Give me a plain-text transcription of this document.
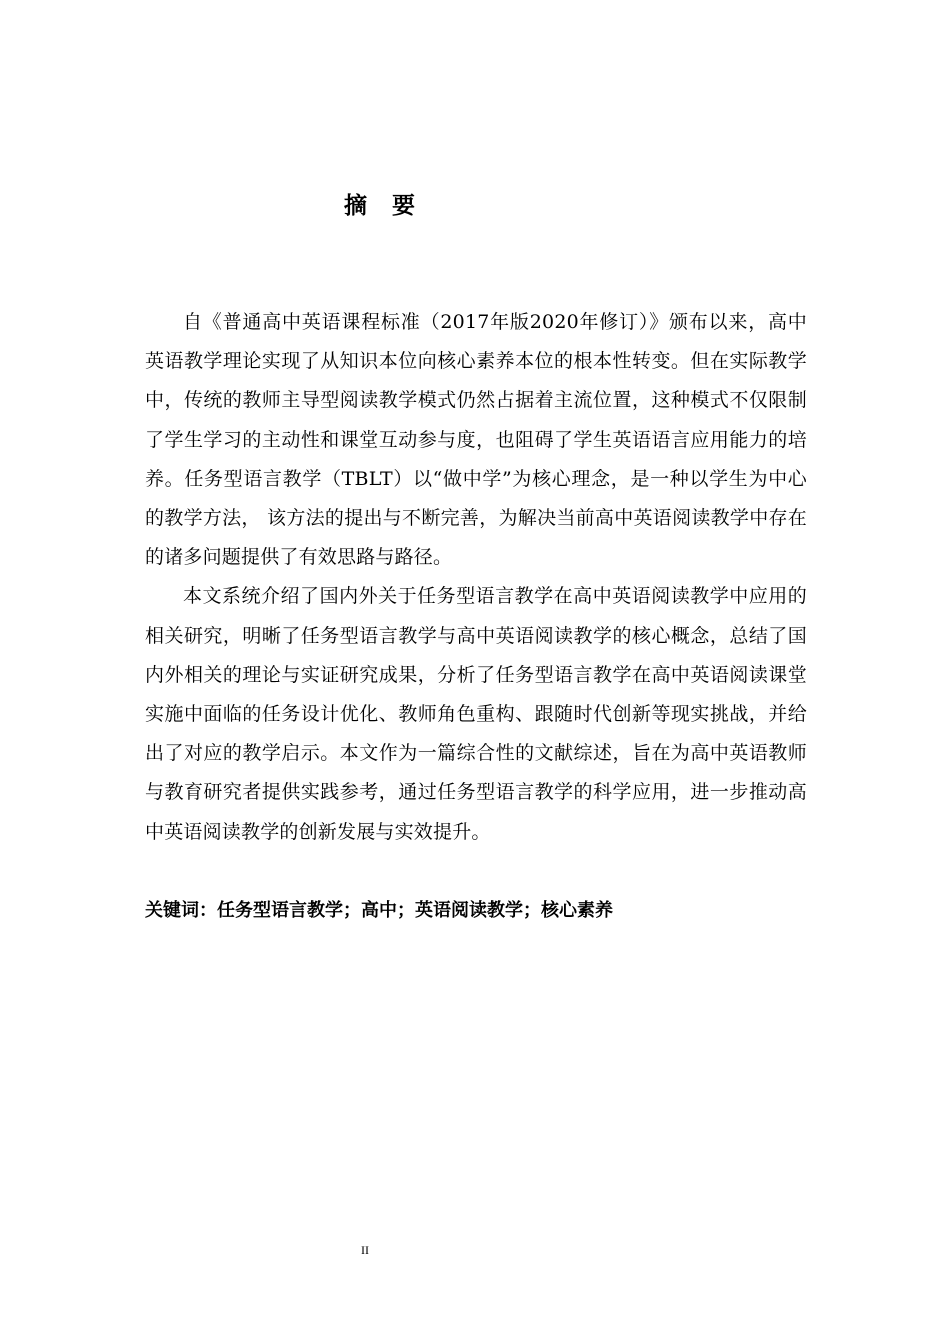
摘 要

自《普通高中英语课程标准（2017年版2020年修订）》颁布以来，高中英语教学理论实现了从知识本位向核心素养本位的根本性转变。但在实际教学中，传统的教师主导型阅读教学模式仍然占据着主流位置，这种模式不仅限制了学生学习的主动性和课堂互动参与度，也阻碍了学生英语语言应用能力的培养。任务型语言教学（TBLT）以“做中学”为核心理念，是一种以学生为中心的教学方法， 该方法的提出与不断完善，为解决当前高中英语阅读教学中存在的诸多问题提供了有效思路与路径。

本文系统介绍了国内外关于任务型语言教学在高中英语阅读教学中应用的相关研究，明晰了任务型语言教学与高中英语阅读教学的核心概念，总结了国内外相关的理论与实证研究成果，分析了任务型语言教学在高中英语阅读课堂实施中面临的任务设计优化、教师角色重构、跟随时代创新等现实挑战，并给出了对应的教学启示。本文作为一篇综合性的文献综述，旨在为高中英语教师与教育研究者提供实践参考，通过任务型语言教学的科学应用，进一步推动高中英语阅读教学的创新发展与实效提升。

关键词：任务型语言教学；高中；英语阅读教学；核心素养
II
